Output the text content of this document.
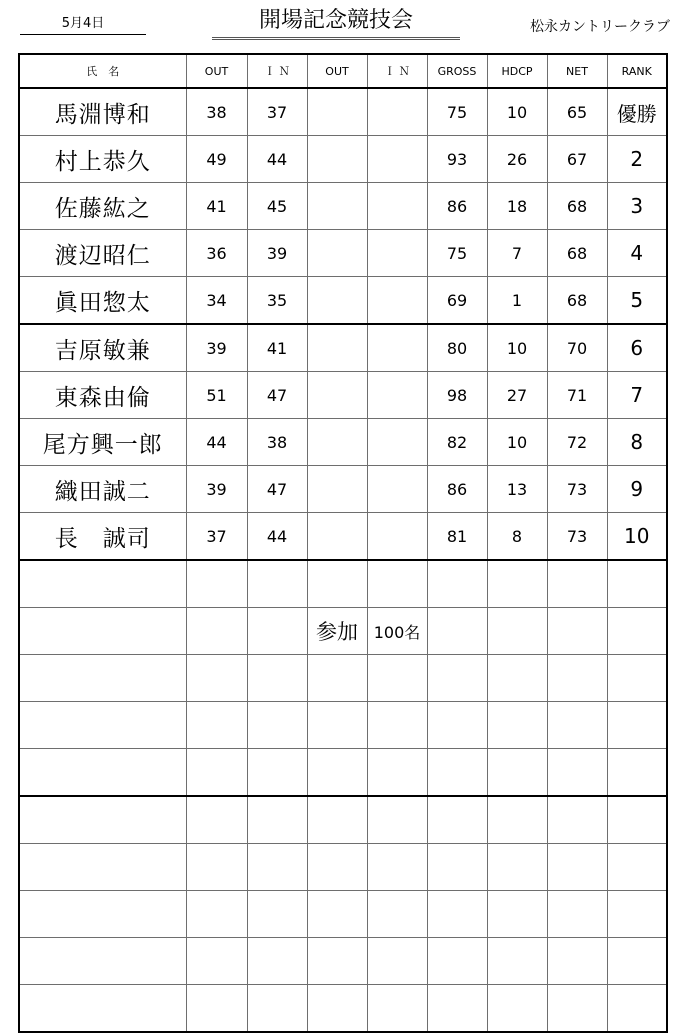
5月4日	開場記念競技会	松永カントリークラブ
氏　名	OUT	Ｉ Ｎ	OUT	Ｉ Ｎ	GROSS	HDCP	NET	RANK
馬淵博和	38	37			75	10	65	優勝
村上恭久	49	44			93	26	67	2
佐藤紘之	41	45			86	18	68	3
渡辺昭仁	36	39			75	7	68	4
眞田惣太	34	35			69	1	68	5
吉原敏兼	39	41			80	10	70	6
東森由倫	51	47			98	27	71	7
尾方興一郎	44	38			82	10	72	8
織田誠二	39	47			86	13	73	9
長　誠司	37	44			81	8	73	10

			参加	100名				
